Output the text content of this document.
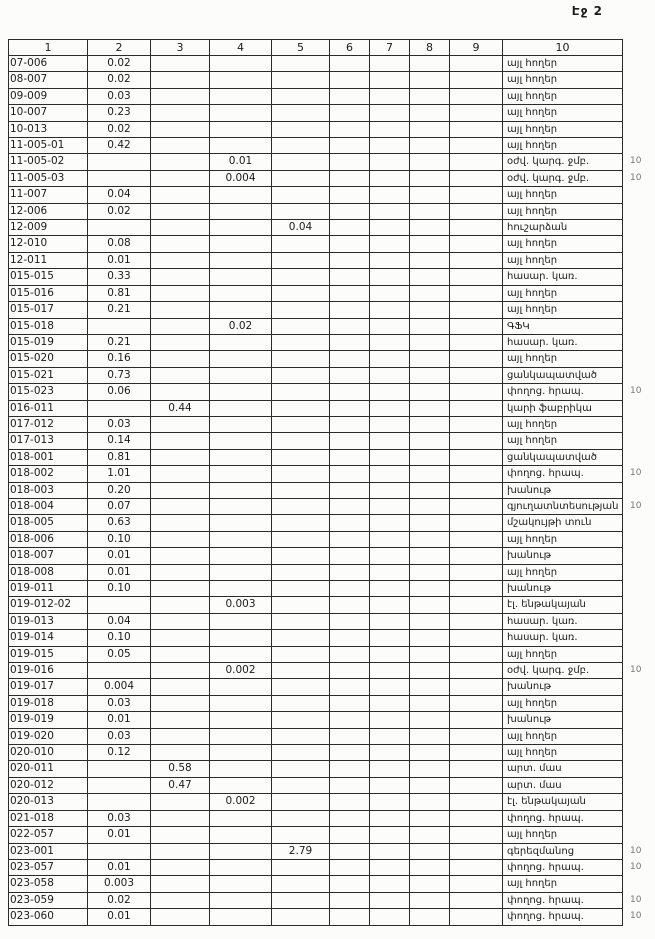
Էջ 2
1	2	3	4	5	6	7	8	9	10	
07-006	0.02								այլ հողեր	
08-007	0.02								այլ հողեր	
09-009	0.03								այլ հողեր	
10-007	0.23								այլ հողեր	
10-013	0.02								այլ հողեր	
11-005-01	0.42								այլ հողեր	
11-005-02			0.01						օժվ. կարգ. ջմբ.	10
11-005-03			0.004						օժվ. կարգ. ջմբ.	10
11-007	0.04								այլ հողեր	
12-006	0.02								այլ հողեր	
12-009				0.04					հուշարձան	
12-010	0.08								այլ հողեր	
12-011	0.01								այլ հողեր	
015-015	0.33								հասար. կառ.	
015-016	0.81								այլ հողեր	
015-017	0.21								այլ հողեր	
015-018			0.02						ԳՖԿ	
015-019	0.21								հասար. կառ.	
015-020	0.16								այլ հողեր	
015-021	0.73								ցանկապատված	
015-023	0.06								փողոց. հրապ.	10
016-011		0.44							կարի ֆաբրիկա	
017-012	0.03								այլ հողեր	
017-013	0.14								այլ հողեր	
018-001	0.81								ցանկապատված	
018-002	1.01								փողոց. հրապ.	10
018-003	0.20								խանութ	
018-004	0.07								գյուղատնտեսության	10
018-005	0.63								մշակույթի տուն	
018-006	0.10								այլ հողեր	
018-007	0.01								խանութ	
018-008	0.01								այլ հողեր	
019-011	0.10								խանութ	
019-012-02			0.003						էլ. ենթակայան	
019-013	0.04								հասար. կառ.	
019-014	0.10								հասար. կառ.	
019-015	0.05								այլ հողեր	
019-016			0.002						օժվ. կարգ. ջմբ.	10
019-017	0.004								խանութ	
019-018	0.03								այլ հողեր	
019-019	0.01								խանութ	
019-020	0.03								այլ հողեր	
020-010	0.12								այլ հողեր	
020-011		0.58							արտ. մաս	
020-012		0.47							արտ. մաս	
020-013			0.002						էլ. ենթակայան	
021-018	0.03								փողոց. հրապ.	
022-057	0.01								այլ հողեր	
023-001				2.79					գերեզմանոց	10
023-057	0.01								փողոց. հրապ.	10
023-058	0.003								այլ հողեր	
023-059	0.02								փողոց. հրապ.	10
023-060	0.01								փողոց. հրապ.	10
